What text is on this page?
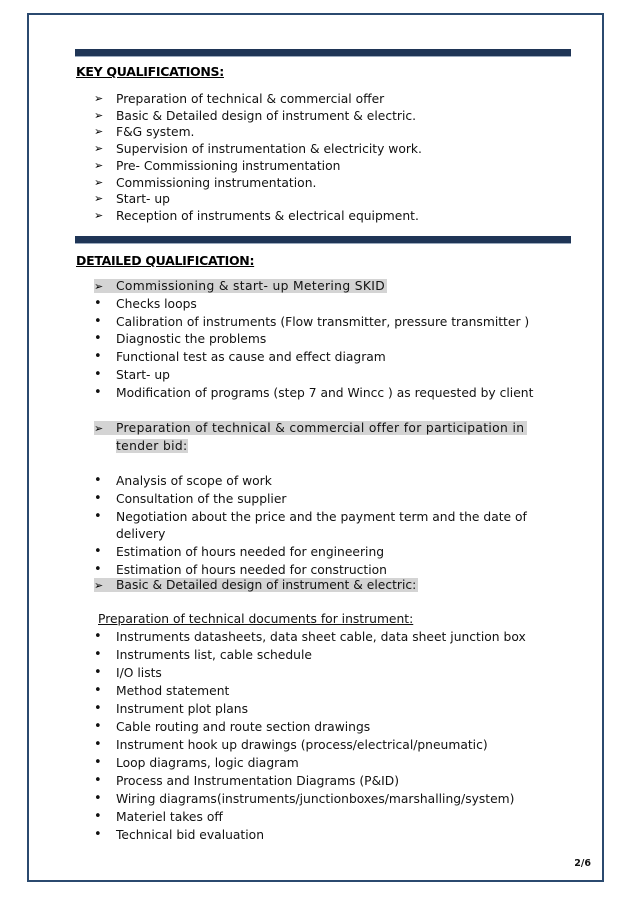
KEY QUALIFICATIONS:
➢	Preparation of technical & commercial offer
➢	Basic & Detailed design of instrument & electric.
➢	F&G system.
➢	Supervision of instrumentation & electricity work.
➢	Pre- Commissioning instrumentation
➢	Commissioning instrumentation.
➢	Start- up
➢	Reception of instruments & electrical equipment.
DETAILED QUALIFICATION:
➢ Commissioning & start- up Metering SKID
•	Checks loops
•	Calibration of instruments (Flow transmitter, pressure transmitter )
•	Diagnostic the problems
•	Functional test as cause and effect diagram
•	Start- up
•	Modification of programs (step 7 and Wincc ) as requested by client
➢ Preparation of technical & commercial offer for participation in
tender bid:
•	Analysis of scope of work
•	Consultation of the supplier
•	Negotiation about the price and the payment term and the date of
delivery
•	Estimation of hours needed for engineering
•	Estimation of hours needed for construction
➢ Basic & Detailed design of instrument & electric:
Preparation of technical documents for instrument:
•	Instruments datasheets, data sheet cable, data sheet junction box
•	Instruments list, cable schedule
•	I/O lists
•	Method statement
•	Instrument plot plans
•	Cable routing and route section drawings
•	Instrument hook up drawings (process/electrical/pneumatic)
•	Loop diagrams, logic diagram
•	Process and Instrumentation Diagrams (P&ID)
•	Wiring diagrams(instruments/junctionboxes/marshalling/system)
•	Materiel takes off
•	Technical bid evaluation
2/6
